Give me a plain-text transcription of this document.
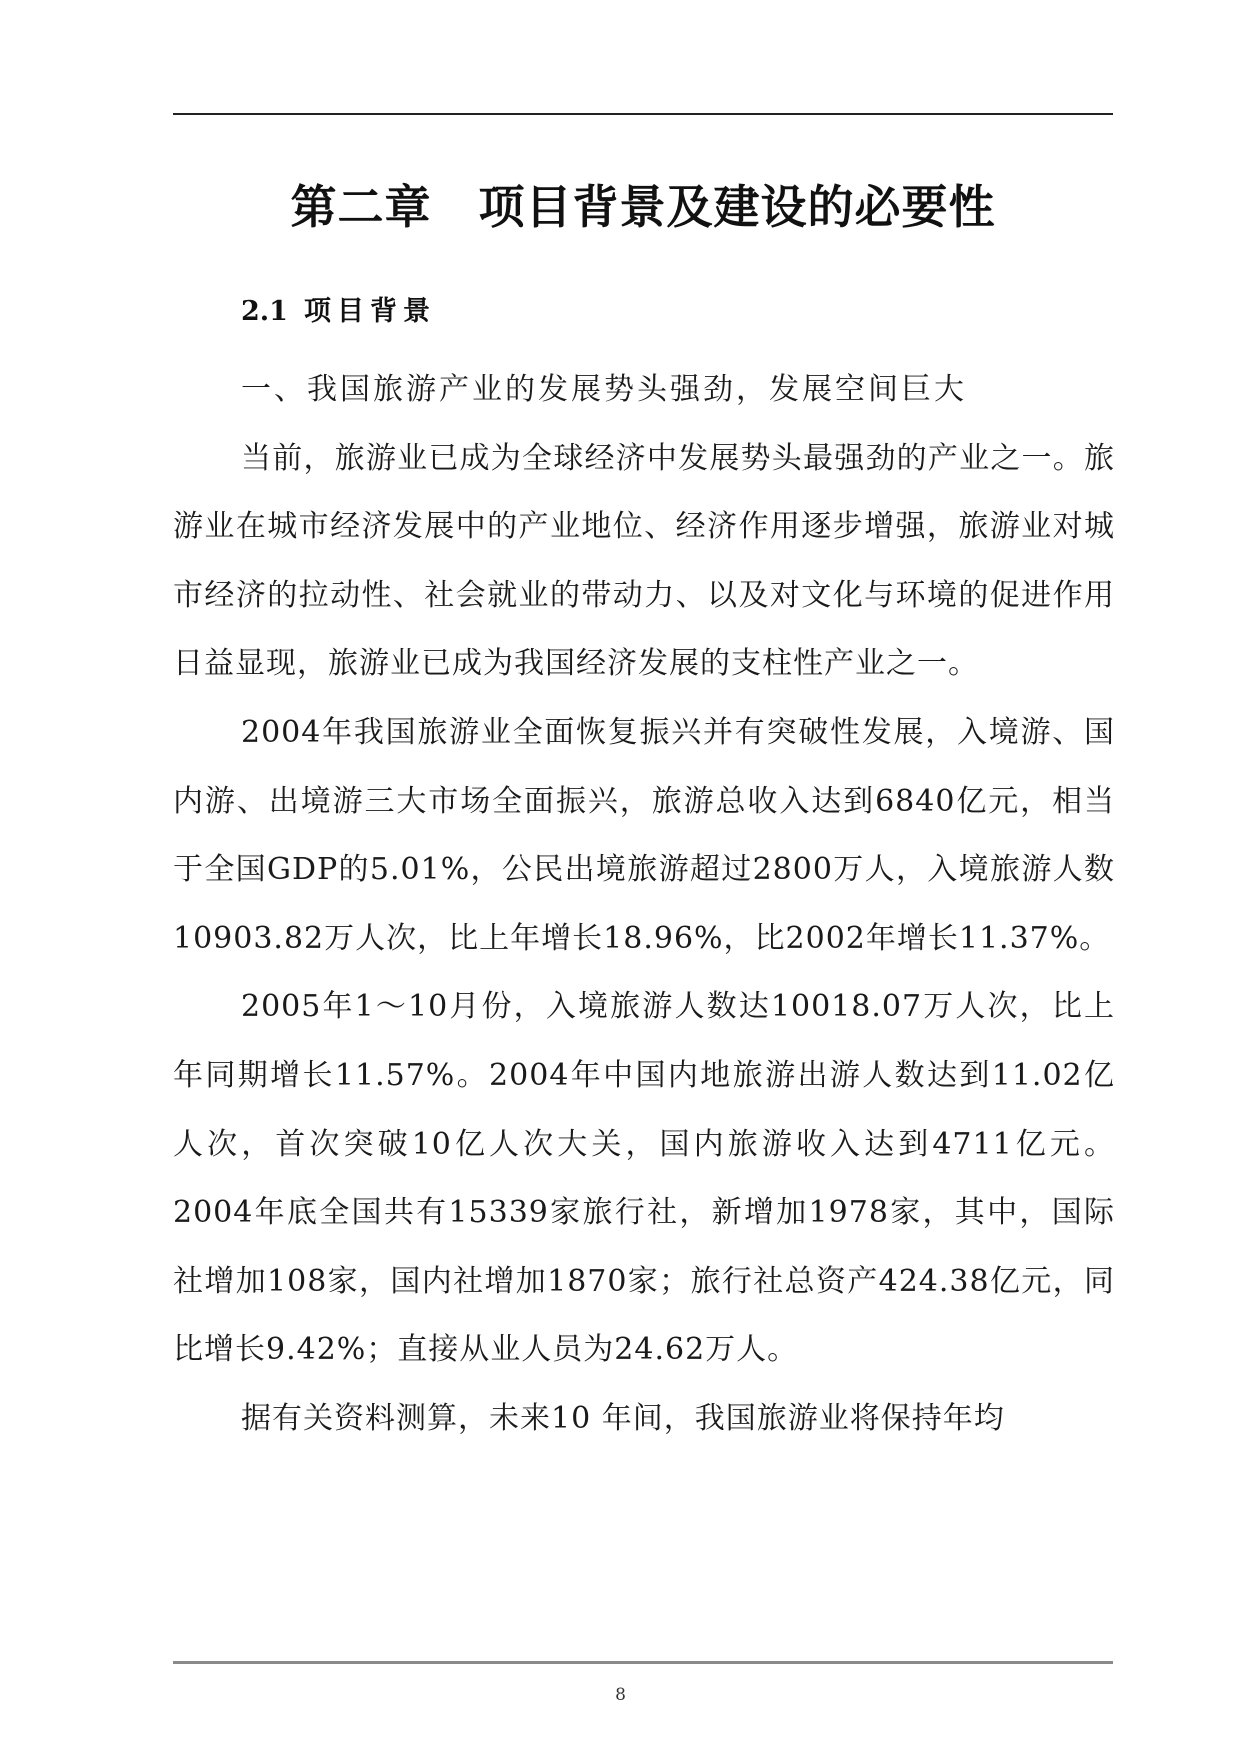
第二章　项目背景及建设的必要性
2.1 项目背景

一、我国旅游产业的发展势头强劲，发展空间巨大

当前，旅游业已成为全球经济中发展势头最强劲的产业之一。旅游业在城市经济发展中的产业地位、经济作用逐步增强，旅游业对城市经济的拉动性、社会就业的带动力、以及对文化与环境的促进作用日益显现，旅游业已成为我国经济发展的支柱性产业之一。

2004年我国旅游业全面恢复振兴并有突破性发展，入境游、国内游、出境游三大市场全面振兴，旅游总收入达到6840亿元，相当于全国GDP的5.01%，公民出境旅游超过2800万人，入境旅游人数10903.82万人次，比上年增长18.96%，比2002年增长11.37%。

2005年1～10月份，入境旅游人数达10018.07万人次，比上年同期增长11.57%。2004年中国内地旅游出游人数达到11.02亿人次，首次突破10亿人次大关，国内旅游收入达到4711亿元。2004年底全国共有15339家旅行社，新增加1978家，其中，国际社增加108家，国内社增加1870家；旅行社总资产424.38亿元，同比增长9.42%；直接从业人员为24.62万人。

据有关资料测算，未来10 年间，我国旅游业将保持年均

8
